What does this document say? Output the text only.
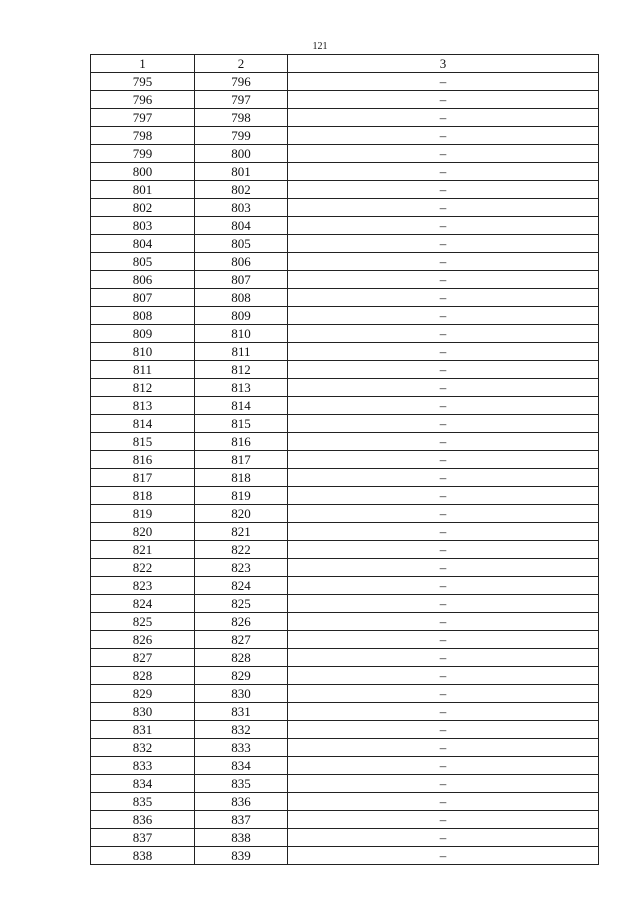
121
1	2	3
795	796	–
796	797	–
797	798	–
798	799	–
799	800	–
800	801	–
801	802	–
802	803	–
803	804	–
804	805	–
805	806	–
806	807	–
807	808	–
808	809	–
809	810	–
810	811	–
811	812	–
812	813	–
813	814	–
814	815	–
815	816	–
816	817	–
817	818	–
818	819	–
819	820	–
820	821	–
821	822	–
822	823	–
823	824	–
824	825	–
825	826	–
826	827	–
827	828	–
828	829	–
829	830	–
830	831	–
831	832	–
832	833	–
833	834	–
834	835	–
835	836	–
836	837	–
837	838	–
838	839	–
